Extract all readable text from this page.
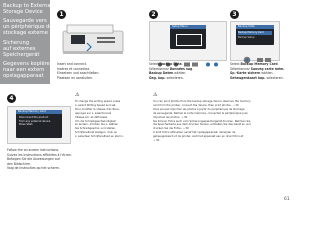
Backup to External

Storage Device

Sauvegarde vers

un périphérique de

stockage externe

Sicherung

auf externes

Speichergerät

Gegevens kopiëren

naar een extern

opslagapparaat

1
Insert and connect.
Insérez et connectez.
Einsetzen und anschließen.
Plaatsen en aansluiten.
2
Setup Menu
Select Backup Data.
Sélectionnez Données sug.
Backup Daten wählen.
Geg. kop. selecteren.
3
Backup Data
Backup Memory Card
Backup Setup
Select Backup Memory Card.
Sélectionnez Sauveg carte mém.
Sp.-Karte sichern wählen.
Geheugenkaart kop. selecteren.
4
Backup Memory Card
Disconnect the product
from any external device
Press Start.
Follow the on-screen instructions.
Suivez les instructions affichées à l'écran.
Befolgen Sie die Anweisungen auf
den Bildschirm.
Volg de instructies op het scherm.
⚠
To change the writing speed, press
x, select Writing Speed and set.
Pour modifier la vitesse d'écriture,
appuyez sur x, sélectionnez
Vitesse écr. et définissez.
Um die Schreibgeschwindigkeit
zu ändern, drücken Sie x, wählen
Sie Schreibgeschw. und stellen.
Schrijfsnelheid wijzigen: druk op
x, selecteer Schrijfsnelheid en stel in.
⚠
You can print photos from the backup storage device. Remove the memory
card from the printer, connect the device, then print photos. → 30
Vous pouvez imprimer les photos à partir du périphérique de stockage
de sauvegarde. Retirez la carte mémoire, connectez le périphérique puis
imprimez les photos. → 30
Sie können Fotos auch vom Sicherungsspeichergerät drucken. Nehmen Sie
die Speicherkarte aus dem Drucker heraus, schließen Sie das Gerät an und
drucken Sie die Fotos. → 30
U kunt foto's afdrukken vanaf het opslagapparaat. Verwijder de
geheugenkaart uit de printer, sluit het apparaat aan en druk foto's af.
→ 30
61
